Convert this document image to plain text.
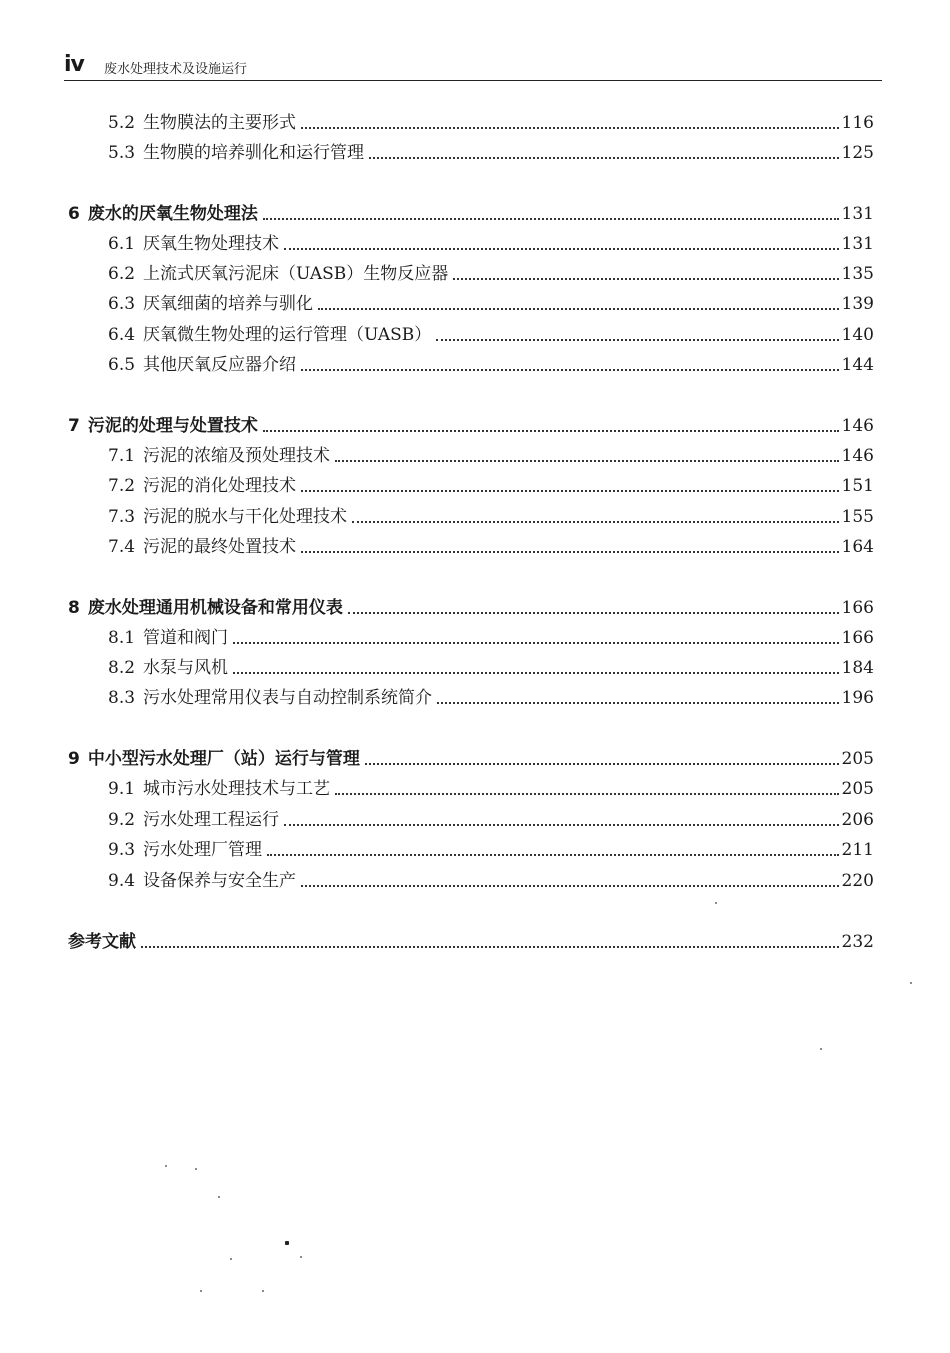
iv 废水处理技术及设施运行
5.2 生物膜法的主要形式	116
5.3 生物膜的培养驯化和运行管理	125
6 废水的厌氧生物处理法	131
6.1 厌氧生物处理技术	131
6.2 上流式厌氧污泥床（UASB）生物反应器	135
6.3 厌氧细菌的培养与驯化	139
6.4 厌氧微生物处理的运行管理（UASB）	140
6.5 其他厌氧反应器介绍	144
7 污泥的处理与处置技术	146
7.1 污泥的浓缩及预处理技术	146
7.2 污泥的消化处理技术	151
7.3 污泥的脱水与干化处理技术	155
7.4 污泥的最终处置技术	164
8 废水处理通用机械设备和常用仪表	166
8.1 管道和阀门	166
8.2 水泵与风机	184
8.3 污水处理常用仪表与自动控制系统简介	196
9 中小型污水处理厂（站）运行与管理	205
9.1 城市污水处理技术与工艺	205
9.2 污水处理工程运行	206
9.3 污水处理厂管理	211
9.4 设备保养与安全生产	220
参考文献	232
